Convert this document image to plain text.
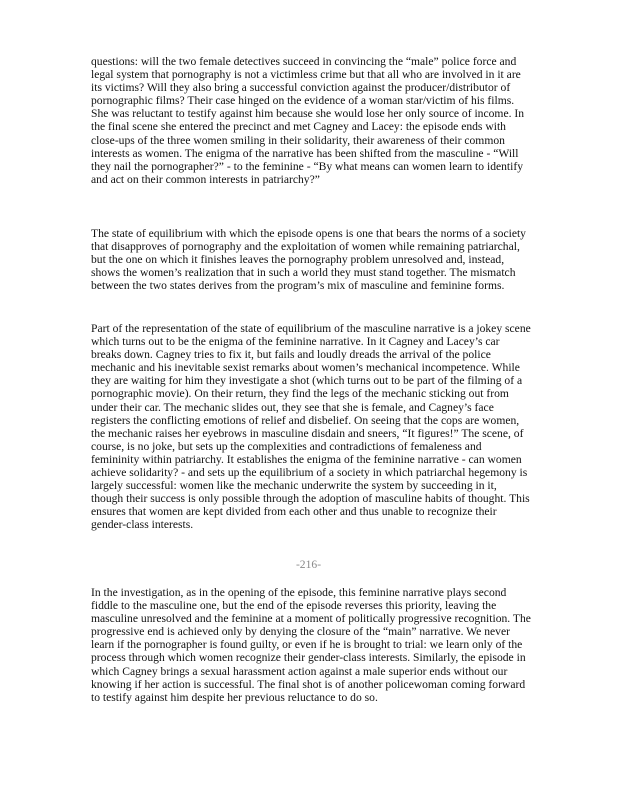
questions: will the two female detectives succeed in convincing the “male” police force and legal system that pornography is not a victimless crime but that all who are involved in it are its victims? Will they also bring a successful conviction against the producer/distributor of pornographic films? Their case hinged on the evidence of a woman star/victim of his films. She was reluctant to testify against him because she would lose her only source of income. In the final scene she entered the precinct and met Cagney and Lacey: the episode ends with close-ups of the three women smiling in their solidarity, their awareness of their common interests as women. The enigma of the narrative has been shifted from the masculine - “Will they nail the pornographer?” - to the feminine - “By what means can women learn to identify and act on their common interests in patriarchy?”

The state of equilibrium with which the episode opens is one that bears the norms of a society that disapproves of pornography and the exploitation of women while remaining patriarchal, but the one on which it finishes leaves the pornography problem unresolved and, instead, shows the women’s realization that in such a world they must stand together. The mismatch between the two states derives from the program’s mix of masculine and feminine forms.

Part of the representation of the state of equilibrium of the masculine narrative is a jokey scene which turns out to be the enigma of the feminine narrative. In it Cagney and Lacey’s car breaks down. Cagney tries to fix it, but fails and loudly dreads the arrival of the police mechanic and his inevitable sexist remarks about women’s mechanical incompetence. While they are waiting for him they investigate a shot (which turns out to be part of the filming of a pornographic movie). On their return, they find the legs of the mechanic sticking out from under their car. The mechanic slides out, they see that she is female, and Cagney’s face registers the conflicting emotions of relief and disbelief. On seeing that the cops are women, the mechanic raises her eyebrows in masculine disdain and sneers, “It figures!” The scene, of course, is no joke, but sets up the complexities and contradictions of femaleness and femininity within patriarchy. It establishes the enigma of the feminine narrative - can women achieve solidarity? - and sets up the equilibrium of a society in which patriarchal hegemony is largely successful: women like the mechanic underwrite the system by succeeding in it, though their success is only possible through the adoption of masculine habits of thought. This ensures that women are kept divided from each other and thus unable to recognize their gender-class interests.

-216-

In the investigation, as in the opening of the episode, this feminine narrative plays second fiddle to the masculine one, but the end of the episode reverses this priority, leaving the masculine unresolved and the feminine at a moment of politically progressive recognition. The progressive end is achieved only by denying the closure of the “main” narrative. We never learn if the pornographer is found guilty, or even if he is brought to trial: we learn only of the process through which women recognize their gender-class interests. Similarly, the episode in which Cagney brings a sexual harassment action against a male superior ends without our knowing if her action is successful. The final shot is of another policewoman coming forward to testify against him despite her previous reluctance to do so.
